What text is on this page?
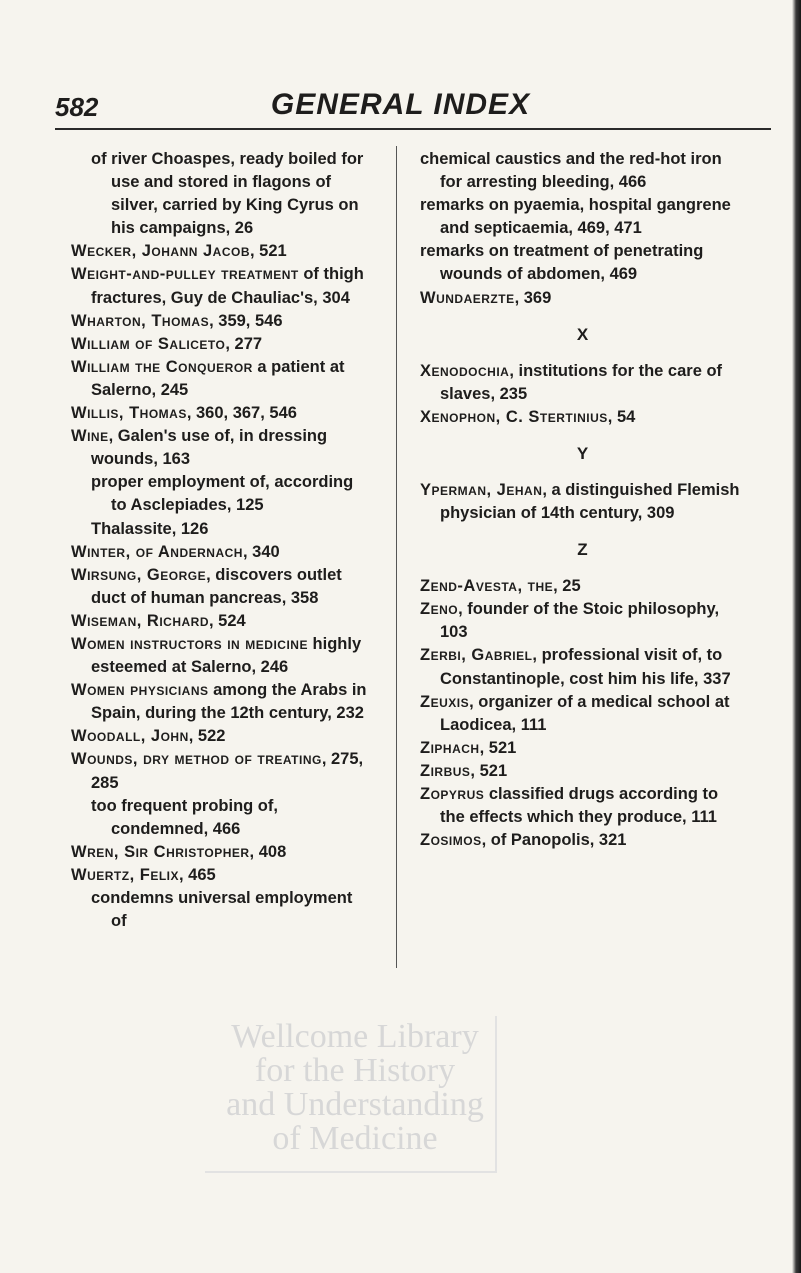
582	GENERAL INDEX

of river Choaspes, ready boiled for use and stored in flagons of silver, carried by King Cyrus on his campaigns, 26

Wecker, Johann Jacob, 521

Weight-and-pulley treatment of thigh fractures, Guy de Chauliac's, 304

Wharton, Thomas, 359, 546

William of Saliceto, 277

William the Conqueror a patient at Salerno, 245

Willis, Thomas, 360, 367, 546

Wine, Galen's use of, in dressing wounds, 163

proper employment of, according to Asclepiades, 125

Thalassite, 126

Winter, of Andernach, 340

Wirsung, George, discovers outlet duct of human pancreas, 358

Wiseman, Richard, 524

Women instructors in medicine highly esteemed at Salerno, 246

Women physicians among the Arabs in Spain, during the 12th century, 232

Woodall, John, 522

Wounds, dry method of treating, 275, 285

too frequent probing of, condemned, 466

Wren, Sir Christopher, 408

Wuertz, Felix, 465

condemns universal employment of

chemical caustics and the red-hot iron for arresting bleeding, 466

remarks on pyaemia, hospital gangrene and septicaemia, 469, 471

remarks on treatment of penetrating wounds of abdomen, 469

Wundaerzte, 369

X

Xenodochia, institutions for the care of slaves, 235

Xenophon, C. Stertinius, 54

Y

Yperman, Jehan, a distinguished Flemish physician of 14th century, 309

Z

Zend-Avesta, the, 25

Zeno, founder of the Stoic philosophy, 103

Zerbi, Gabriel, professional visit of, to Constantinople, cost him his life, 337

Zeuxis, organizer of a medical school at Laodicea, 111

Ziphach, 521

Zirbus, 521

Zopyrus classified drugs according to the effects which they produce, 111

Zosimos, of Panopolis, 321

Wellcome Library
for the History
and Understanding
of Medicine
